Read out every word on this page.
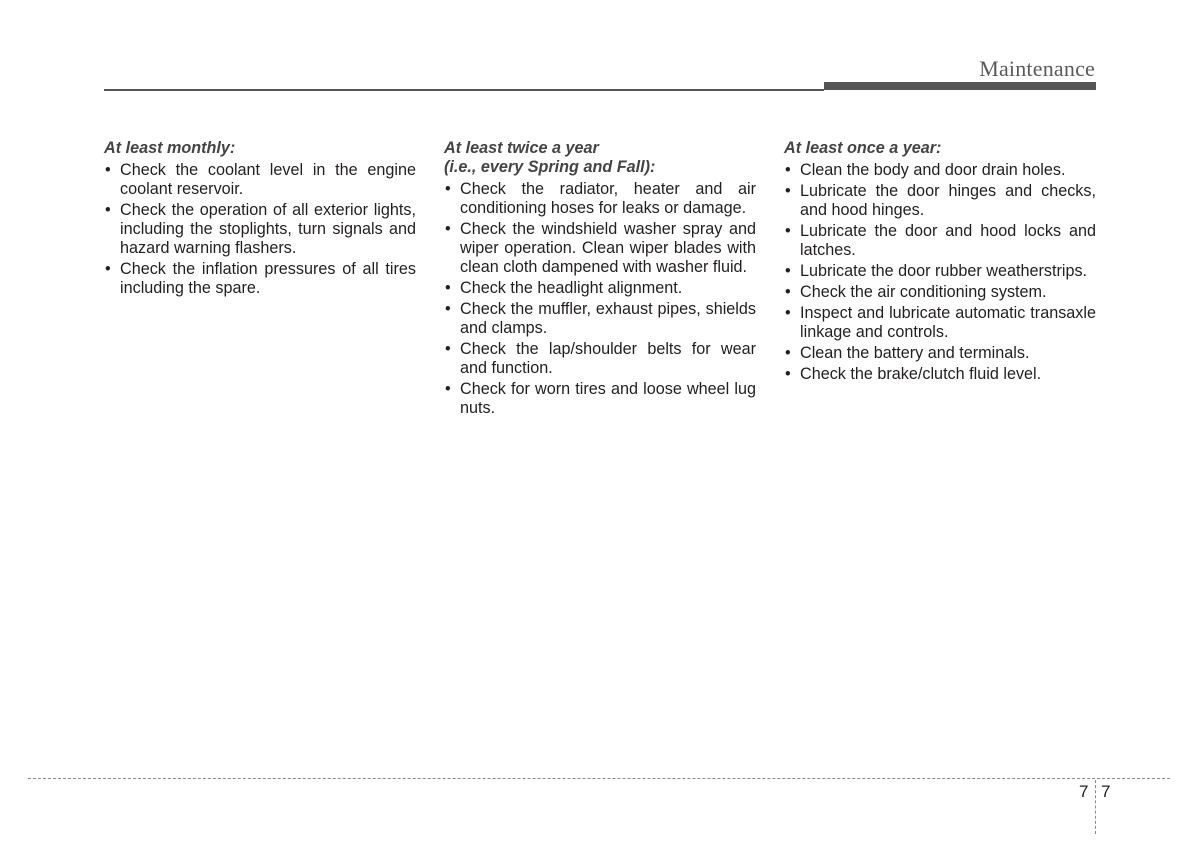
Maintenance
At least monthly:
• Check the coolant level in the engine coolant reservoir.
• Check the operation of all exterior lights, including the stoplights, turn signals and hazard warning flashers.
• Check the inflation pressures of all tires including the spare.
At least twice a year
(i.e., every Spring and Fall):
• Check the radiator, heater and air conditioning hoses for leaks or damage.
• Check the windshield washer spray and wiper operation. Clean wiper blades with clean cloth dampened with washer fluid.
• Check the headlight alignment.
• Check the muffler, exhaust pipes, shields and clamps.
• Check the lap/shoulder belts for wear and function.
• Check for worn tires and loose wheel lug nuts.
At least once a year:
• Clean the body and door drain holes.
• Lubricate the door hinges and checks, and hood hinges.
• Lubricate the door and hood locks and latches.
• Lubricate the door rubber weatherstrips.
• Check the air conditioning system.
• Inspect and lubricate automatic transaxle linkage and controls.
• Clean the battery and terminals.
• Check the brake/clutch fluid level.
7 7
